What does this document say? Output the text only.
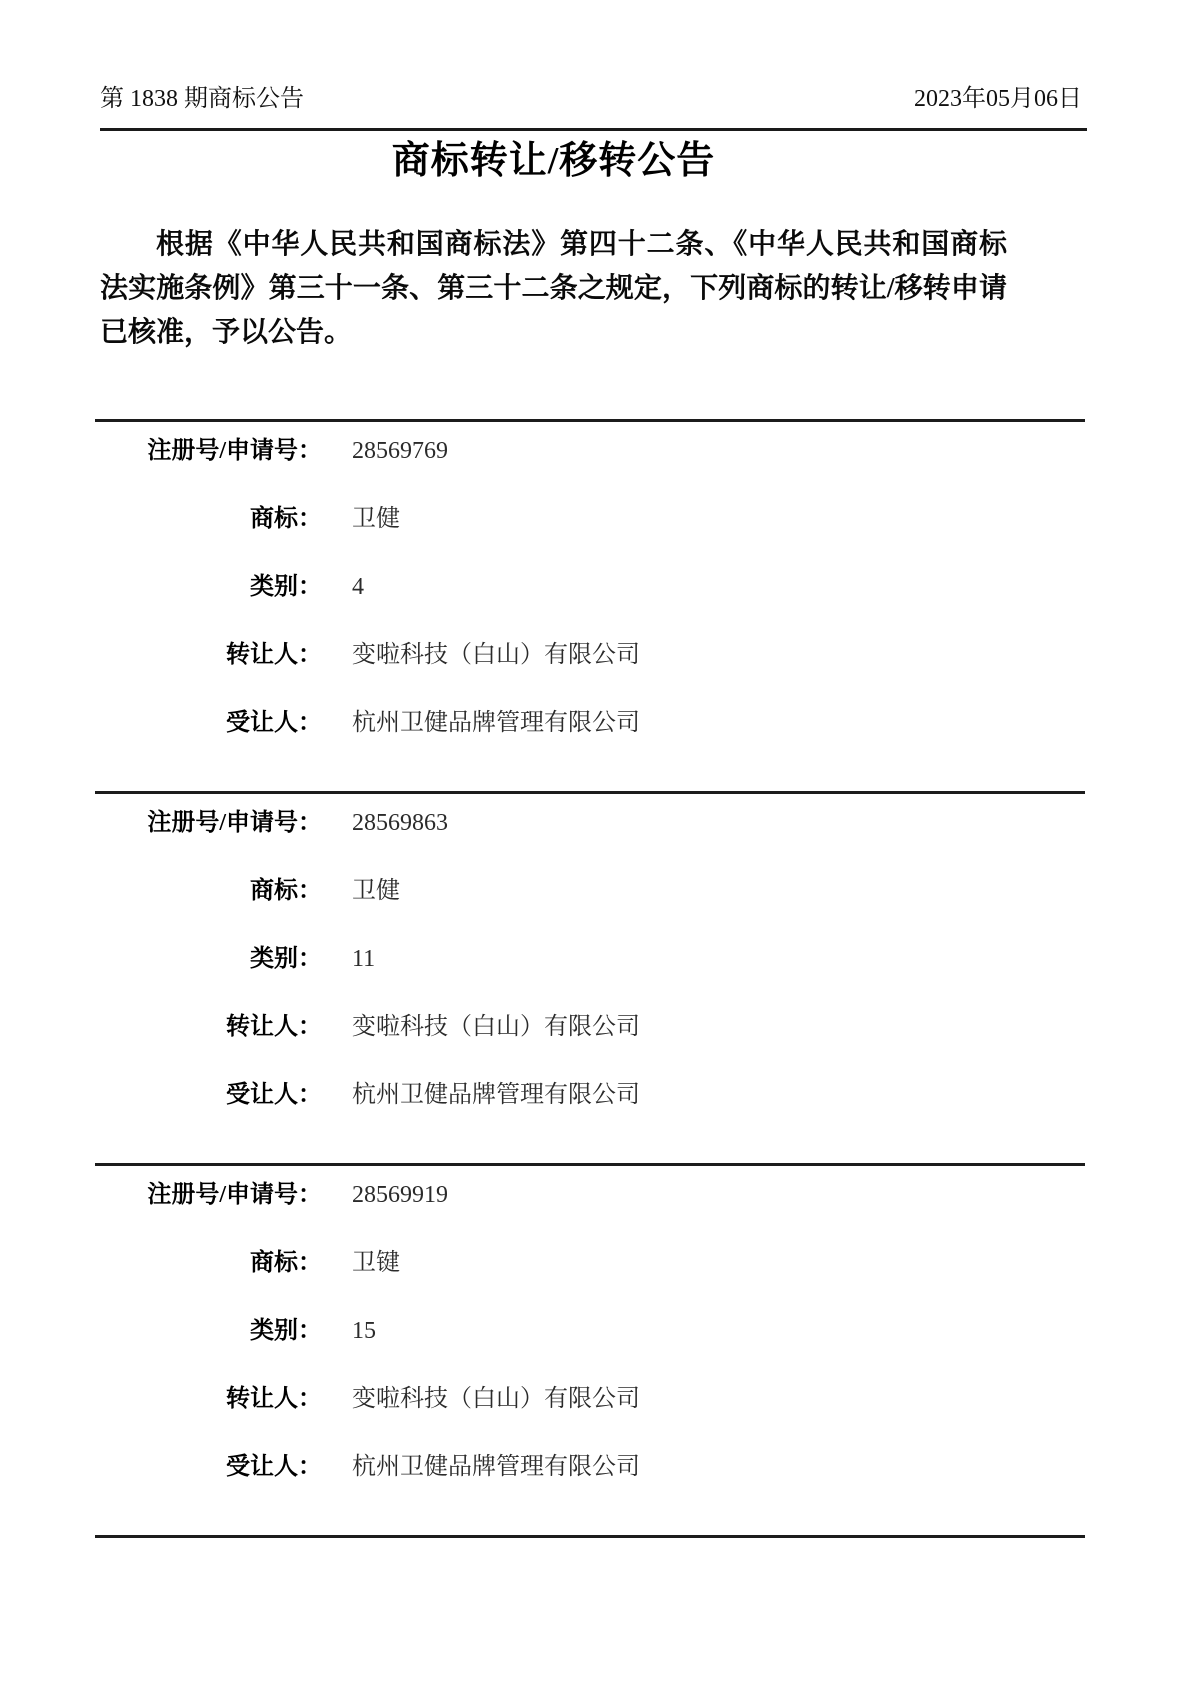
第 1838 期商标公告	2023年05月06日
商标转让/移转公告
根据《中华人民共和国商标法》第四十二条、《中华人民共和国商标法实施条例》第三十一条、第三十二条之规定，下列商标的转让/移转申请已核准，予以公告。
注册号/申请号： 28569769
商标： 卫健
类别： 4
转让人： 变啦科技（白山）有限公司
受让人： 杭州卫健品牌管理有限公司
注册号/申请号： 28569863
商标： 卫健
类别： 11
转让人： 变啦科技（白山）有限公司
受让人： 杭州卫健品牌管理有限公司
注册号/申请号： 28569919
商标： 卫键
类别： 15
转让人： 变啦科技（白山）有限公司
受让人： 杭州卫健品牌管理有限公司
